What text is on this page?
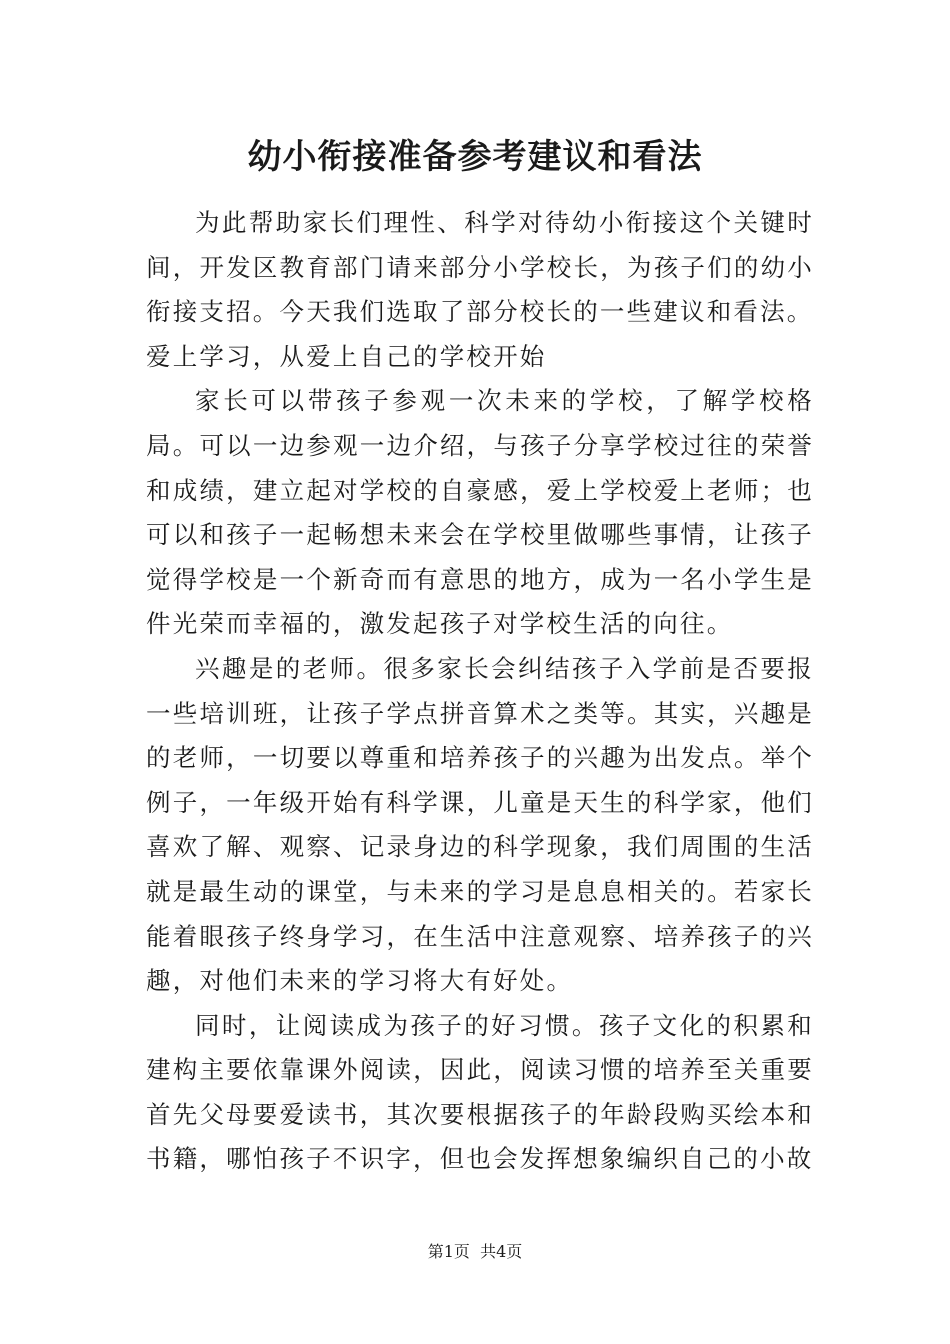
幼小衔接准备参考建议和看法

为此帮助家长们理性、科学对待幼小衔接这个关键时间，开发区教育部门请来部分小学校长，为孩子们的幼小衔接支招。今天我们选取了部分校长的一些建议和看法。

爱上学习，从爱上自己的学校开始

家长可以带孩子参观一次未来的学校，了解学校格局。可以一边参观一边介绍，与孩子分享学校过往的荣誉和成绩，建立起对学校的自豪感，爱上学校爱上老师；也可以和孩子一起畅想未来会在学校里做哪些事情，让孩子觉得学校是一个新奇而有意思的地方，成为一名小学生是件光荣而幸福的，激发起孩子对学校生活的向往。

兴趣是的老师。很多家长会纠结孩子入学前是否要报一些培训班，让孩子学点拼音算术之类等。其实，兴趣是的老师，一切要以尊重和培养孩子的兴趣为出发点。举个例子，一年级开始有科学课，儿童是天生的科学家，他们喜欢了解、观察、记录身边的科学现象，我们周围的生活就是最生动的课堂，与未来的学习是息息相关的。若家长能着眼孩子终身学习，在生活中注意观察、培养孩子的兴趣，对他们未来的学习将大有好处。

同时，让阅读成为孩子的好习惯。孩子文化的积累和建构主要依靠课外阅读，因此，阅读习惯的培养至关重要首先父母要爱读书，其次要根据孩子的年龄段购买绘本和书籍，哪怕孩子不识字，但也会发挥想象编织自己的小故

第1页  共4页
